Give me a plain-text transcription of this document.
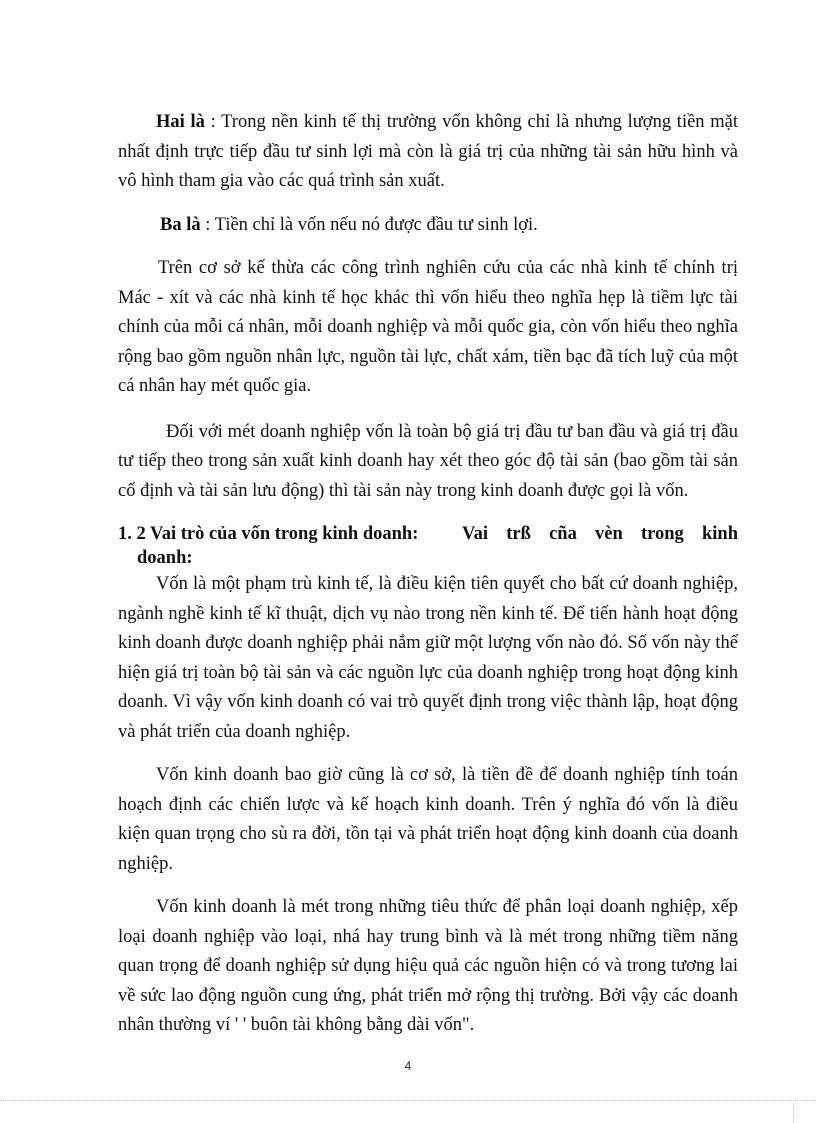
Hai là : Trong nền kinh tế thị trường vốn không chỉ là nhưng lượng tiền mặt nhất định trực tiếp đầu tư sinh lợi mà còn là giá trị của những tài sản hữu hình và vô hình tham gia vào các quá trình sản xuất.

Ba là : Tiền chỉ là vốn nếu nó được đầu tư sinh lợi.

Trên cơ sở kế thừa các công trình nghiên cứu của các nhà kinh tế chính trị Mác - xít và các nhà kinh tế học khác thì vốn hiểu theo nghĩa hẹp là tiềm lực tài chính của mỗi cá nhân, mỗi doanh nghiệp và mỗi quốc gia, còn vốn hiểu theo nghĩa rộng bao gồm nguồn nhân lực, nguồn tài lực, chất xám, tiền bạc đã tích luỹ của một cá nhân hay mét quốc gia.

Đối với mét doanh nghiệp vốn là toàn bộ giá trị đầu tư ban đầu và giá trị đầu tư tiếp theo trong sản xuất kinh doanh hay xét theo góc độ tài sản (bao gồm tài sản cố định và tài sản lưu động) thì tài sản này trong kinh doanh được gọi là vốn.

1. 2 Vai trò của vốn trong kinh doanh: Vai trß cña vèn trong kinh
doanh:

Vốn là một phạm trù kinh tế, là điều kiện tiên quyết cho bất cứ doanh nghiệp, ngành nghề kinh tế kĩ thuật, dịch vụ nào trong nền kinh tế. Để tiến hành hoạt động kinh doanh được doanh nghiệp phải nắm giữ một lượng vốn nào đó. Số vốn này thể hiện giá trị toàn bộ tài sản và các nguồn lực của doanh nghiệp trong hoạt động kinh doanh. Vì vậy vốn kinh doanh có vai trò quyết định trong việc thành lập, hoạt động và phát triển của doanh nghiệp.

Vốn kinh doanh bao giờ cũng là cơ sở, là tiền đề để doanh nghiệp tính toán hoạch định các chiến lược và kế hoạch kinh doanh. Trên ý nghĩa đó vốn là điều kiện quan trọng cho sù ra đời, tồn tại và phát triển hoạt động kinh doanh của doanh nghiệp.

Vốn kinh doanh là mét trong những tiêu thức để phân loại doanh nghiệp, xếp loại doanh nghiệp vào loại, nhá hay trung bình và là mét trong những tiềm năng quan trọng để doanh nghiệp sử dụng hiệu quả các nguồn hiện có và trong tương lai về sức lao động nguồn cung ứng, phát triển mở rộng thị trường. Bởi vậy các doanh nhân thường ví ' ' buôn tài không bằng dài vốn".

4
